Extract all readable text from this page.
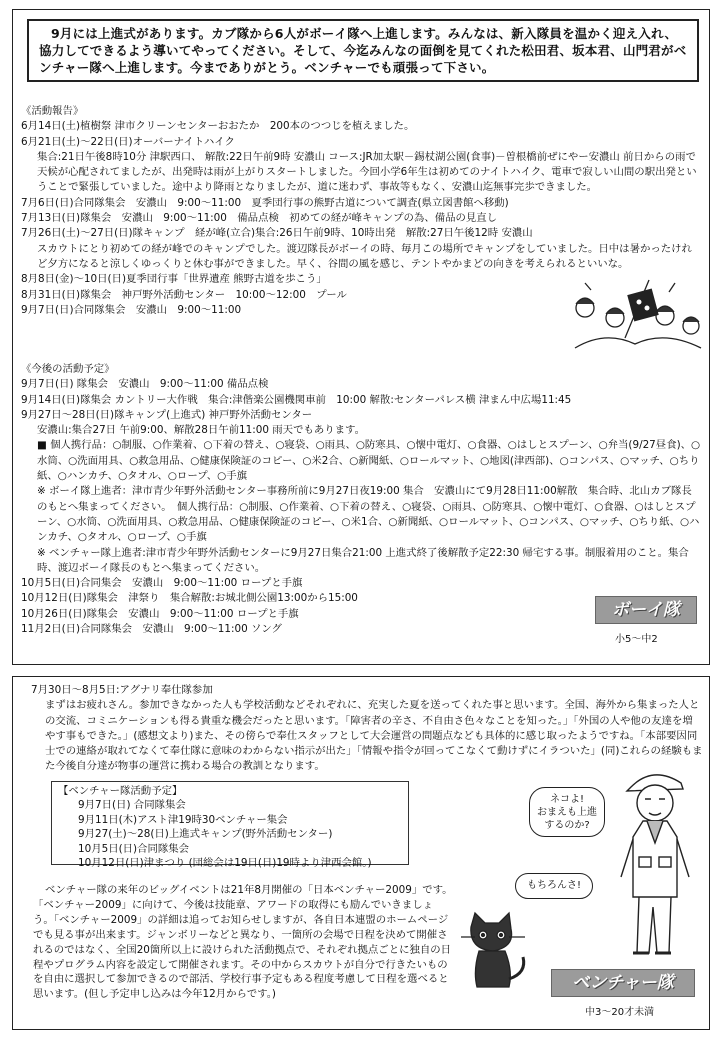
9月には上進式があります。カブ隊から6人がボーイ隊へ上進します。みんなは、新入隊員を温かく迎え入れ、協力してできるよう導いてやってください。そして、今迄みんなの面倒を見てくれた松田君、坂本君、山門君がベンチャー隊へ上進します。今までありがとう。ベンチャーでも頑張って下さい。

《活動報告》
6月14日(土)植樹祭 津市クリーンセンターおおたか　200本のつつじを植えました。
6月21日(土)～22日(日)オーバーナイトハイク
集合:21日午後8時10分 津駅西口、 解散:22日午前9時 安濃山 コース:JR加太駅－錫杖湖公園(食事)－曽根橋前ぜにやー安濃山 前日からの雨で天候が心配されてましたが、出発時は雨が上がりスタートしました。今回小学6年生は初めてのナイトハイク、電車で寂しい山間の駅出発ということで緊張していました。途中より降雨となりましたが、道に迷わず、事故等もなく、安濃山迄無事完歩できました。
7月6日(日)合同隊集会　安濃山　9:00～11:00　夏季団行事の熊野古道について調査(県立図書館へ移動)
7月13日(日)隊集会　安濃山　9:00～11:00　備品点検　初めての経が峰キャンプの為、備品の見直し
7月26日(土)～27日(日)隊キャンプ　経が峰(立合)集合:26日午前9時、10時出発　解散:27日午後12時 安濃山
スカウトにとり初めての経が峰でのキャンプでした。渡辺隊長がボーイの時、毎月この場所でキャンプをしていました。日中は暑かったけれど夕方になると涼しくゆっくりと休む事ができました。早く、谷間の風を感じ、テントやかまどの向きを考えられるといいな。
8月8日(金)～10日(日)夏季団行事「世界遺産 熊野古道を歩こう」
8月31日(日)隊集会　神戸野外活動センター　10:00～12:00　プール
9月7日(日)合同隊集会　安濃山　9:00～11:00
《今後の活動予定》
9月7日(日) 隊集会　安濃山　9:00～11:00 備品点検
9月14日(日)隊集会 カントリー大作戦　集合:津偕楽公園機関車前　10:00 解散:センターパレス横 津まん中広場11:45
9月27日～28日(日)隊キャンプ(上進式) 神戸野外活動センター
安濃山:集合27日 午前9:00、解散28日午前11:00 雨天でもあります。
■ 個人携行品：○制服、○作業着、○下着の替え、○寝袋、○雨具、○防寒具、○懐中電灯、○食器、○はしとスプーン、○弁当(9/27昼食)、○水筒、○洗面用具、○救急用品、○健康保険証のコピー、○米2合、○新聞紙、○ロールマット、○地図(津西部)、○コンパス、○マッチ、○ちり紙、○ハンカチ、○タオル、○ロープ、○手旗
※ ボーイ隊上進者：津市青少年野外活動センター事務所前に9月27日夜19:00 集合　安濃山にて9月28日11:00解散　集合時、北山カブ隊長のもとへ集まってください。　個人携行品：○制服、○作業着、○下着の替え、○寝袋、○雨具、○防寒具、○懐中電灯、○食器、○はしとスプーン、○水筒、○洗面用具、○救急用品、○健康保険証のコピー、○米1合、○新聞紙、○ロールマット、○コンパス、○マッチ、○ちり紙、○ハンカチ、○タオル、○ロープ、○手旗
※ ベンチャー隊上進者:津市青少年野外活動センターに9月27日集合21:00 上進式終了後解散予定22:30 帰宅する事。制服着用のこと。集合時、渡辺ボーイ隊長のもとへ集まってください。
10月5日(日)合同集会　安濃山　9:00～11:00 ロープと手旗
10月12日(日)隊集会　津祭り　集合解散:お城北側公園13:00から15:00
10月26日(日)隊集会　安濃山　9:00～11:00 ロープと手旗
11月2日(日)合同隊集会　安濃山　9:00～11:00 ソング
ボーイ隊
小5～中2
7月30日～8月5日:アグナリ奉仕隊参加
まずはお疲れさん。参加できなかった人も学校活動などそれぞれに、充実した夏を送ってくれた事と思います。全国、海外から集まった人との交流、コミニケーションも得る貴重な機会だったと思います。「障害者の辛さ、不自由さ色々なことを知った。」「外国の人や他の友達を増やす事もできた。」(感想文より)また、その傍らで奉仕スタッフとして大会運営の問題点なども具体的に感じ取ったようですね。「本部要因同士での連絡が取れてなくて奉仕隊に意味のわからない指示が出た」「情報や指令が回ってこなくて動けずにイラついた」(同)これらの経験もまた今後自分達が物事の運営に携わる場合の教訓となります。
【ベンチャー隊活動予定】
9月7日(日) 合同隊集会
9月11日(木)アスト津19時30ベンチャー集会
9月27(土)～28(日)上進式キャンプ(野外活動センター)
10月5日(日)合同隊集会
10月12日(日)津まつり (団総会は19日(日)19時より津西会館。)
ベンチャー隊の来年のビッグイベントは21年8月開催の「日本ベンチャー2009」です。「ベンチャー2009」に向けて、今後は技能章、アワードの取得にも励んでいきましょう。「ベンチャー2009」の詳細は追ってお知らせしますが、各自日本連盟のホームページでも見る事が出来ます。ジャンボリーなどと異なり、一箇所の会場で日程を決めて開催されるのではなく、全国20箇所以上に設けられた活動拠点で、それぞれ拠点ごとに独自の日程やプログラム内容を設定して開催されます。その中からスカウトが自分で行きたいものを自由に選択して参加できるので部活、学校行事予定もある程度考慮して日程を選べると思います。(但し予定申し込みは今年12月からです。)
ネコよ!
おまえも上進
するのか?
もちろんさ!
ベンチャー隊
中3～20才未満
